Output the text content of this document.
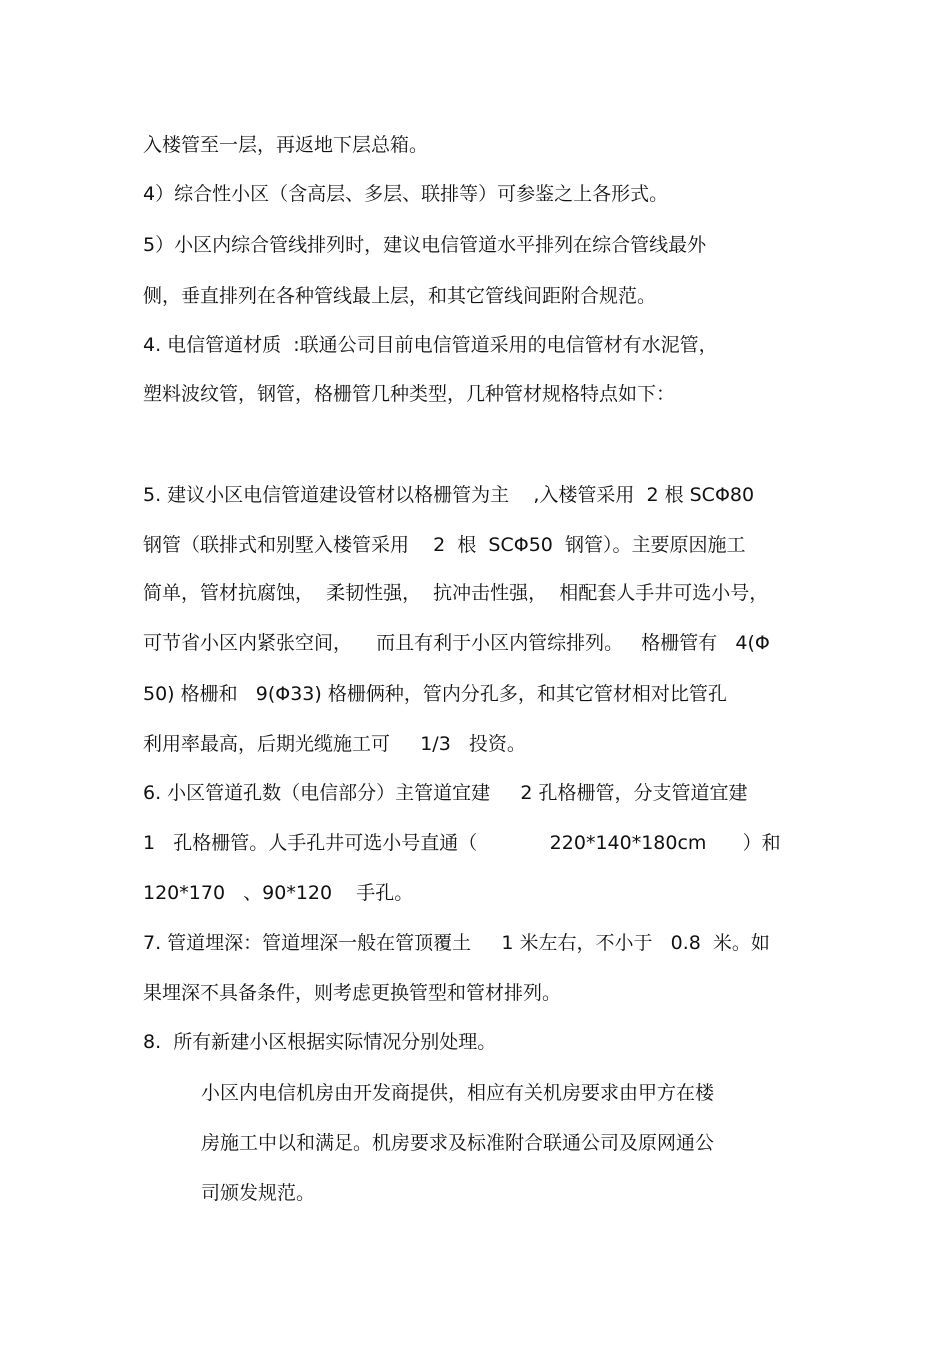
入楼管至一层，再返地下层总箱。
4）综合性小区（含高层、多层、联排等）可参鉴之上各形式。
5）小区内综合管线排列时，建议电信管道水平排列在综合管线最外
侧，垂直排列在各种管线最上层，和其它管线间距附合规范。
4. 电信管道材质  :联通公司目前电信管道采用的电信管材有水泥管，
塑料波纹管，钢管，格栅管几种类型，几种管材规格特点如下：
5. 建议小区电信管道建设管材以格栅管为主    ,入楼管采用  2 根 SCΦ80
钢管（联排式和别墅入楼管采用    2  根  SCΦ50  钢管）。主要原因施工
简单，管材抗腐蚀，  柔韧性强，  抗冲击性强，  相配套人手井可选小号，
可节省小区内紧张空间，    而且有利于小区内管综排列。   格栅管有   4(Φ
50) 格栅和   9(Φ33) 格栅俩种，管内分孔多，和其它管材相对比管孔
利用率最高，后期光缆施工可     1/3   投资。
6. 小区管道孔数（电信部分）主管道宜建     2 孔格栅管，分支管道宜建
1   孔格栅管。人手孔井可选小号直通（            220*140*180cm      ）和
120*170   、90*120    手孔。
7. 管道埋深：管道埋深一般在管顶覆土     1 米左右，不小于   0.8  米。如
果埋深不具备条件，则考虑更换管型和管材排列。
8.  所有新建小区根据实际情况分别处理。
小区内电信机房由开发商提供，相应有关机房要求由甲方在楼
房施工中以和满足。机房要求及标准附合联通公司及原网通公
司颁发规范。
